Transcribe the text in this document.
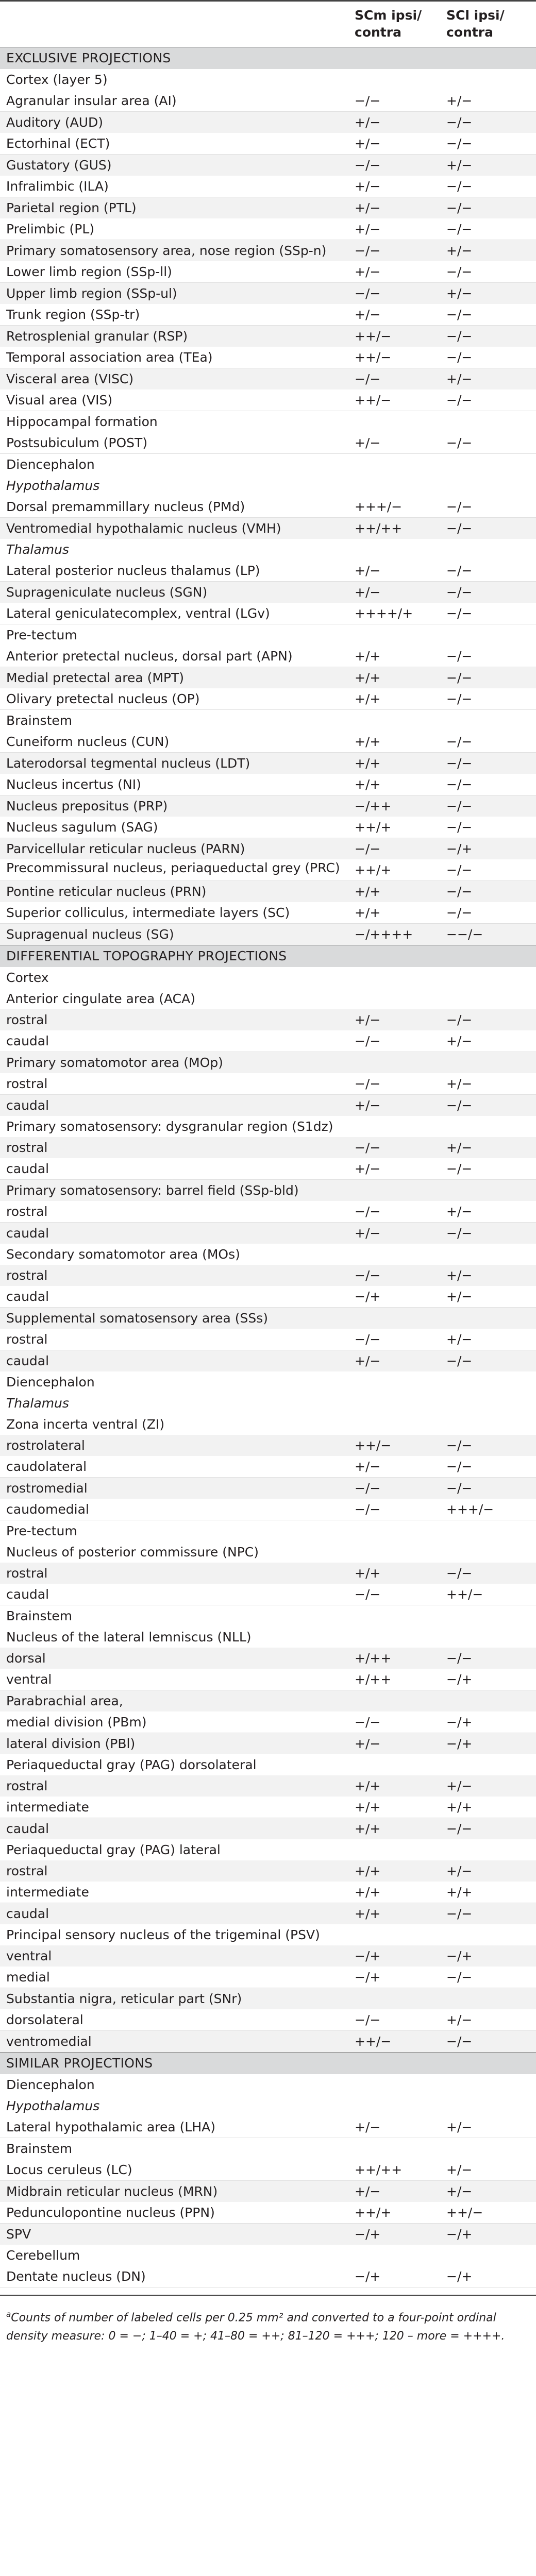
	SCm ipsi/ contra	SCl ipsi/ contra
EXCLUSIVE PROJECTIONS		
Cortex (layer 5)		
Agranular insular area (AI)	−/−	+/−
Auditory (AUD)	+/−	−/−
Ectorhinal (ECT)	+/−	−/−
Gustatory (GUS)	−/−	+/−
Infralimbic (ILA)	+/−	−/−
Parietal region (PTL)	+/−	−/−
Prelimbic (PL)	+/−	−/−
Primary somatosensory area, nose region (SSp-n)	−/−	+/−
Lower limb region (SSp-ll)	+/−	−/−
Upper limb region (SSp-ul)	−/−	+/−
Trunk region (SSp-tr)	+/−	−/−
Retrosplenial granular (RSP)	++/−	−/−
Temporal association area (TEa)	++/−	−/−
Visceral area (VISC)	−/−	+/−
Visual area (VIS)	++/−	−/−
Hippocampal formation		
Postsubiculum (POST)	+/−	−/−
Diencephalon		
Hypothalamus		
Dorsal premammillary nucleus (PMd)	+++/−	−/−
Ventromedial hypothalamic nucleus (VMH)	++/++	−/−
Thalamus		
Lateral posterior nucleus thalamus (LP)	+/−	−/−
Suprageniculate nucleus (SGN)	+/−	−/−
Lateral geniculatecomplex, ventral (LGv)	++++/+	−/−
Pre-tectum		
Anterior pretectal nucleus, dorsal part (APN)	+/+	−/−
Medial pretectal area (MPT)	+/+	−/−
Olivary pretectal nucleus (OP)	+/+	−/−
Brainstem		
Cuneiform nucleus (CUN)	+/+	−/−
Laterodorsal tegmental nucleus (LDT)	+/+	−/−
Nucleus incertus (NI)	+/+	−/−
Nucleus prepositus (PRP)	−/++	−/−
Nucleus sagulum (SAG)	++/+	−/−
Parvicellular reticular nucleus (PARN)	−/−	−/+
Precommissural nucleus, periaqueductal grey (PRC)	++/+	−/−
Pontine reticular nucleus (PRN)	+/+	−/−
Superior colliculus, intermediate layers (SC)	+/+	−/−
Supragenual nucleus (SG)	−/++++	−−/−
DIFFERENTIAL TOPOGRAPHY PROJECTIONS		
Cortex		
Anterior cingulate area (ACA)		
rostral	+/−	−/−
caudal	−/−	+/−
Primary somatomotor area (MOp)		
rostral	−/−	+/−
caudal	+/−	−/−
Primary somatosensory: dysgranular region (S1dz)		
rostral	−/−	+/−
caudal	+/−	−/−
Primary somatosensory: barrel field (SSp-bld)		
rostral	−/−	+/−
caudal	+/−	−/−
Secondary somatomotor area (MOs)		
rostral	−/−	+/−
caudal	−/+	+/−
Supplemental somatosensory area (SSs)		
rostral	−/−	+/−
caudal	+/−	−/−
Diencephalon		
Thalamus		
Zona incerta ventral (ZI)		
rostrolateral	++/−	−/−
caudolateral	+/−	−/−
rostromedial	−/−	−/−
caudomedial	−/−	+++/−
Pre-tectum		
Nucleus of posterior commissure (NPC)		
rostral	+/+	−/−
caudal	−/−	++/−
Brainstem		
Nucleus of the lateral lemniscus (NLL)		
dorsal	+/++	−/−
ventral	+/++	−/+
Parabrachial area,		
medial division (PBm)	−/−	−/+
lateral division (PBl)	+/−	−/+
Periaqueductal gray (PAG) dorsolateral		
rostral	+/+	+/−
intermediate	+/+	+/+
caudal	+/+	−/−
Periaqueductal gray (PAG) lateral		
rostral	+/+	+/−
intermediate	+/+	+/+
caudal	+/+	−/−
Principal sensory nucleus of the trigeminal (PSV)		
ventral	−/+	−/+
medial	−/+	−/−
Substantia nigra, reticular part (SNr)		
dorsolateral	−/−	+/−
ventromedial	++/−	−/−
SIMILAR PROJECTIONS		
Diencephalon		
Hypothalamus		
Lateral hypothalamic area (LHA)	+/−	+/−
Brainstem		
Locus ceruleus (LC)	++/++	+/−
Midbrain reticular nucleus (MRN)	+/−	+/−
Pedunculopontine nucleus (PPN)	++/+	++/−
SPV	−/+	−/+
Cerebellum		
Dentate nucleus (DN)	−/+	−/+
$^a$Counts of number of labeled cells per 0.25 mm² and converted to a four-point ordinal density measure: 0 = −; 1–40 = +; 41–80 = ++; 81–120 = +++; 120 – more = ++++.
